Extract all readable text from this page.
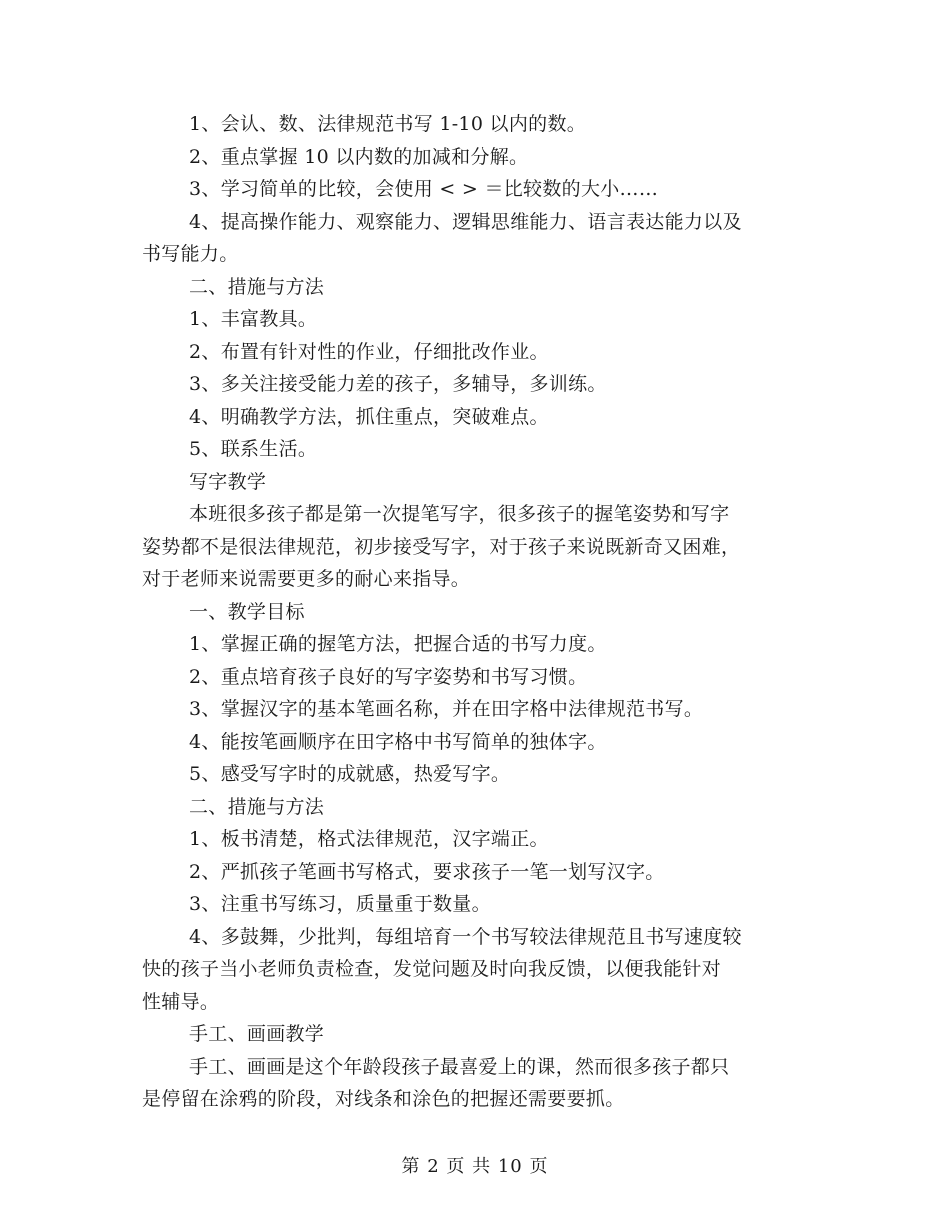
1、会认、数、法律规范书写 1-10 以内的数。

2、重点掌握 10 以内数的加减和分解。

3、学习简单的比较，会使用 < > ＝比较数的大小……

4、提高操作能力、观察能力、逻辑思维能力、语言表达能力以及

书写能力。

二、措施与方法

1、丰富教具。

2、布置有针对性的作业，仔细批改作业。

3、多关注接受能力差的孩子，多辅导，多训练。

4、明确教学方法，抓住重点，突破难点。

5、联系生活。

写字教学

本班很多孩子都是第一次提笔写字，很多孩子的握笔姿势和写字

姿势都不是很法律规范，初步接受写字，对于孩子来说既新奇又困难，

对于老师来说需要更多的耐心来指导。

一、教学目标

1、掌握正确的握笔方法，把握合适的书写力度。

2、重点培育孩子良好的写字姿势和书写习惯。

3、掌握汉字的基本笔画名称，并在田字格中法律规范书写。

4、能按笔画顺序在田字格中书写简单的独体字。

5、感受写字时的成就感，热爱写字。

二、措施与方法

1、板书清楚，格式法律规范，汉字端正。

2、严抓孩子笔画书写格式，要求孩子一笔一划写汉字。

3、注重书写练习，质量重于数量。

4、多鼓舞，少批判，每组培育一个书写较法律规范且书写速度较

快的孩子当小老师负责检查，发觉问题及时向我反馈，以便我能针对

性辅导。

手工、画画教学

手工、画画是这个年龄段孩子最喜爱上的课，然而很多孩子都只

是停留在涂鸦的阶段，对线条和涂色的把握还需要要抓。

第 2 页 共 10 页
